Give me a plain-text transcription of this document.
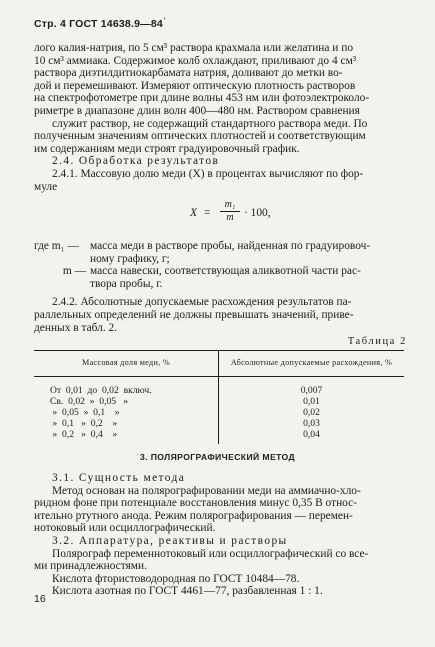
Стр. 4 ГОСТ 14638.9—84'

лого калия-натрия, по 5 см³ раствора крахмала или желатина и по

10 см³ аммиака. Содержимое колб охлаждают, приливают до 4 см³

раствора диэтилдитиокарбамата натрия, доливают до метки во-

дой и перемешивают. Измеряют оптическую плотность растворов

на спектрофотометре при длине волны 453 нм или фотоэлектроколо-

риметре в диапазоне длин волн 400—480 нм. Раствором сравнения

служит раствор, не содержащий стандартного раствора меди. По

полученным значениям оптических плотностей и соответствующим

им содержаниям меди строят градуировочный график.

2.4. Обработка результатов

2.4.1. Массовую долю меди (X) в процентах вычисляют по фор-

муле

$X = \frac{\text{m₁}}{m} \cdot 100$,
где m₁ — масса меди в растворе пробы, найденная по градуировоч-
ному графику, г;
m — масса навески, соответствующая аликвотной части рас-
твора пробы, г.
2.4.2. Абсолютные допускаемые расхождения результатов па-
раллельных определений не должны превышать значений, приве-
денных в табл. 2.
Таблица 2
Массовая доля меди, %	Абсолютные допускаемые расхождения, %
От  0,01  до  0,02  включ.	0,007
Св.  0,02  »  0,05   »	0,01
»  0,05  »  0,1    »	0,02
»  0,1   »  0,2    »	0,03
»  0,2   »  0,4    »	0,04
3. ПОЛЯРОГРАФИЧЕСКИЙ МЕТОД

3.1. Сущность метода

Метод основан на полярографировании меди на аммиачно-хло-

ридном фоне при потенциале восстановления минус 0,35 В относ-

ительно ртутного анода. Режим полярографирования — перемен-

нотоковый или осциллографический.

3.2. Аппаратура, реактивы и растворы

Полярограф переменнотоковый или осциллографический со все-

ми принадлежностями.

Кислота фтористоводородная по ГОСТ 10484—78.

Кислота азотная по ГОСТ 4461—77, разбавленная 1 : 1.

16
